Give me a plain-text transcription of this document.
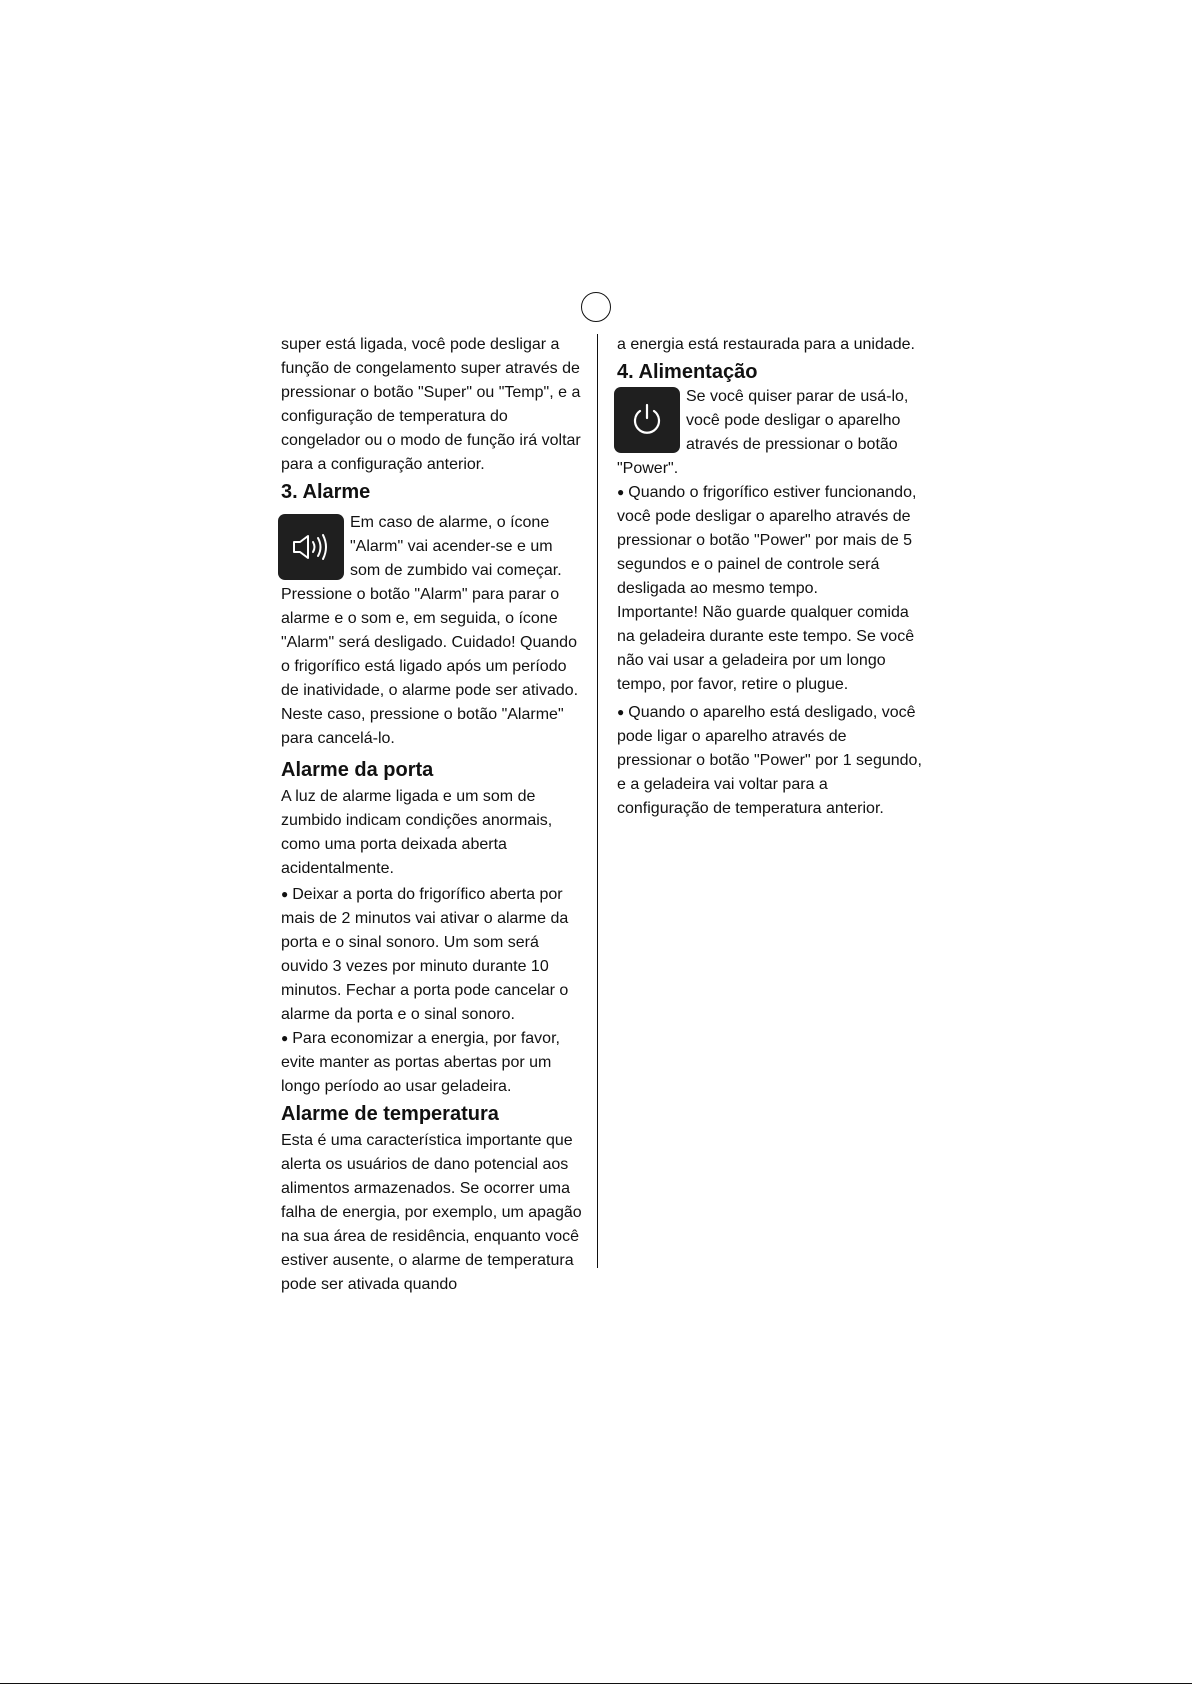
super está ligada, você pode desligar a função de congelamento super através de pressionar o botão "Super" ou "Temp", e a configuração de temperatura do congelador ou o modo de função irá voltar para a configuração anterior.

3. Alarme

Em caso de alarme, o ícone "Alarm" vai acender-se e um som de zumbido vai começar. Pressione o botão "Alarm" para parar o alarme e o som e, em seguida, o ícone "Alarm" será desligado. Cuidado! Quando o frigorífico está ligado após um período de inatividade, o alarme pode ser ativado. Neste caso, pressione o botão "Alarme" para cancelá-lo.

Alarme da porta

A luz de alarme ligada e um som de zumbido indicam condições anormais, como uma porta deixada aberta acidentalmente.

● Deixar a porta do frigorífico aberta por mais de 2 minutos vai ativar o alarme da porta e o sinal sonoro. Um som será ouvido 3 vezes por minuto durante 10 minutos. Fechar a porta pode cancelar o alarme da porta e o sinal sonoro.

● Para economizar a energia, por favor, evite manter as portas abertas por um longo período ao usar geladeira.

Alarme de temperatura

Esta é uma característica importante que alerta os usuários de dano potencial aos alimentos armazenados. Se ocorrer uma falha de energia, por exemplo, um apagão na sua área de residência, enquanto você estiver ausente, o alarme de temperatura pode ser ativada quando

a energia está restaurada para a unidade.

4. Alimentação

Se você quiser parar de usá-lo, você pode desligar o aparelho através de pressionar o botão "Power".

● Quando o frigorífico estiver funcionando, você pode desligar o aparelho através de pressionar o botão "Power" por mais de 5 segundos e o painel de controle será desligada ao mesmo tempo.

Importante! Não guarde qualquer comida na geladeira durante este tempo. Se você não vai usar a geladeira por um longo tempo, por favor, retire o plugue.

● Quando o aparelho está desligado, você pode ligar o aparelho através de pressionar o botão "Power" por 1 segundo, e a geladeira vai voltar para a configuração de temperatura anterior.
